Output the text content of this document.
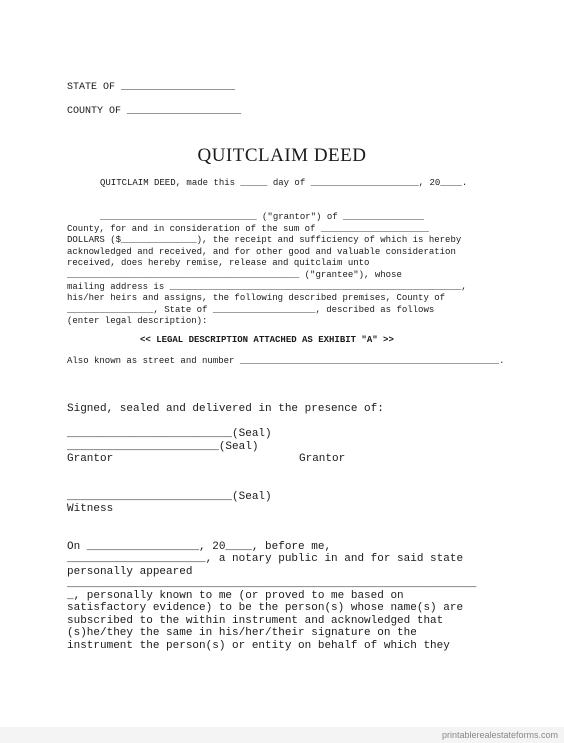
STATE OF ___________________
COUNTY OF ___________________
QUITCLAIM DEED
QUITCLAIM DEED, made this _____ day of ____________________, 20____.
_____________________________ ("grantor") of _______________
County, for and in consideration of the sum of ____________________
DOLLARS ($______________), the receipt and sufficiency of which is hereby
acknowledged and received, and for other good and valuable consideration
received, does hereby remise, release and quitclaim unto
___________________________________________ ("grantee"), whose
mailing address is ______________________________________________________,
his/her heirs and assigns, the following described premises, County of
________________, State of ___________________, described as follows
(enter legal description):
<< LEGAL DESCRIPTION ATTACHED AS EXHIBIT "A" >>
Also known as street and number ________________________________________________.
Signed, sealed and delivered in the presence of:
_________________________(Seal)
_______________________(Seal)
Grantor	Grantor
_________________________(Seal)
Witness
On _________________, 20____, before me,
_____________________, a notary public in and for said state
personally appeared
______________________________________________________________
_, personally known to me (or proved to me based on
satisfactory evidence) to be the person(s) whose name(s) are
subscribed to the within instrument and acknowledged that
(s)he/they the same in his/her/their signature on the
instrument the person(s) or entity on behalf of which they
printablerealestateforms.com
